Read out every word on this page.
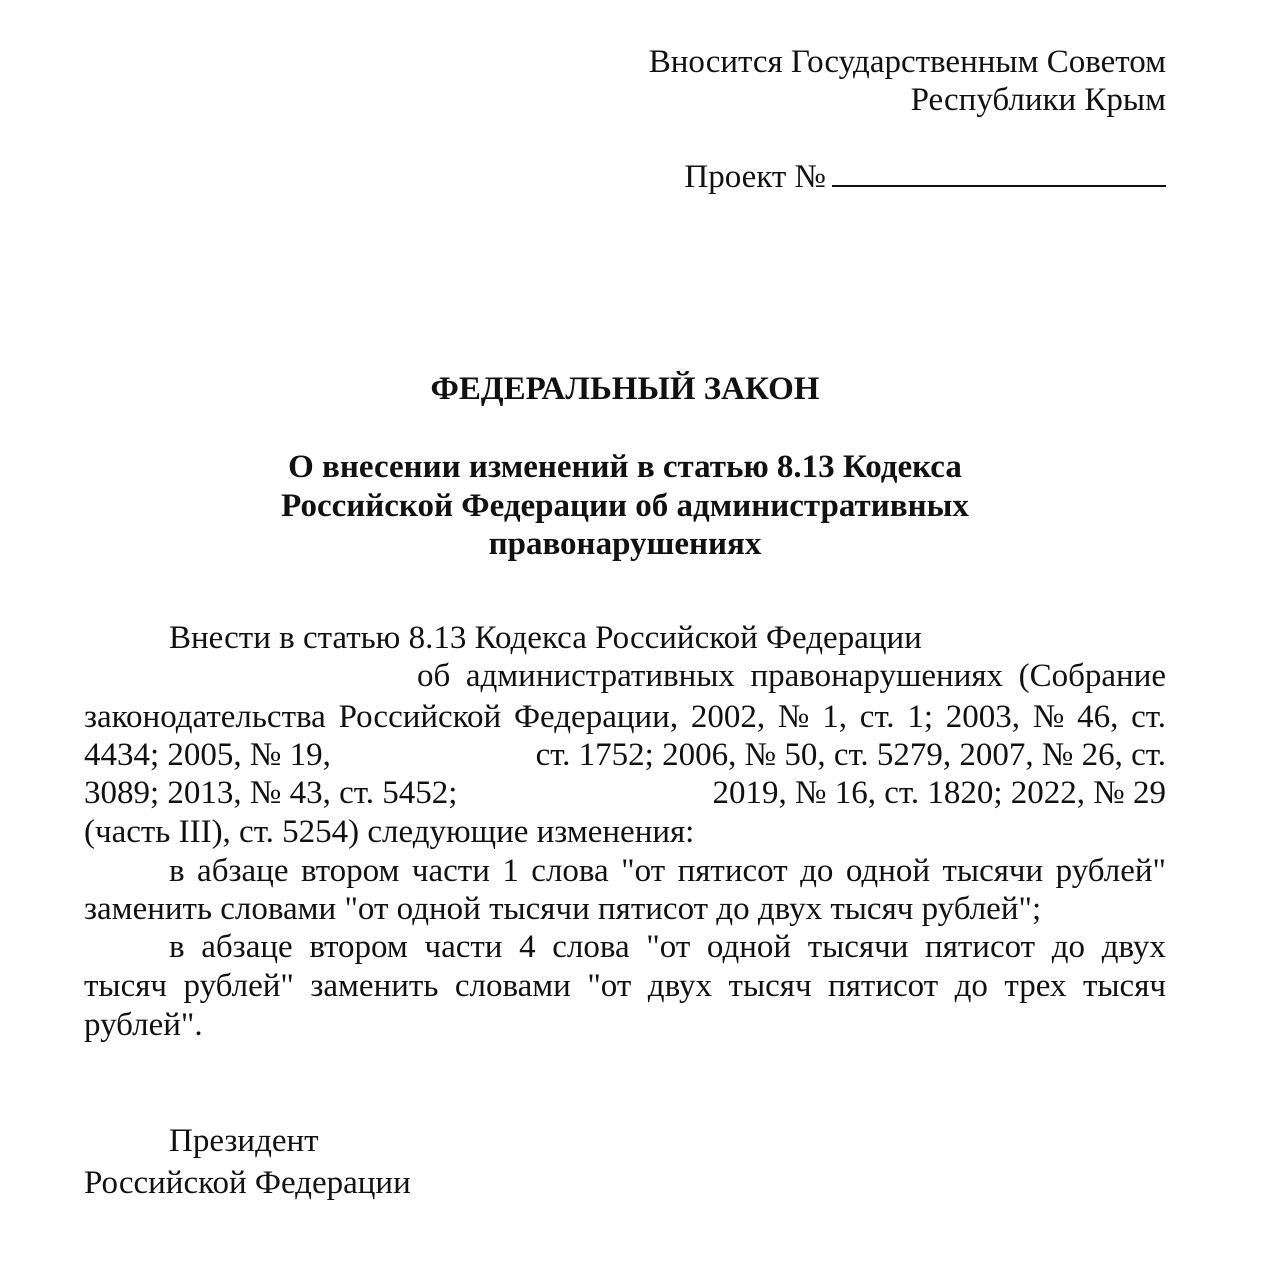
Вносится Государственным Советом
Республики Крым
Проект №
ФЕДЕРАЛЬНЫЙ ЗАКОН
О внесении изменений в статью 8.13 Кодекса
Российской Федерации об административных
правонарушениях
Внести в статью 8.13 Кодекса Российской Федерации
об административных правонарушениях (Собрание
законодательства Российской Федерации, 2002, № 1, ст. 1; 2003, № 46, ст.
4434; 2005, № 19,	ст. 1752; 2006, № 50, ст. 5279, 2007, № 26, ст.
3089; 2013, № 43, ст. 5452;	2019, № 16, ст. 1820; 2022, № 29
(часть III), ст. 5254) следующие изменения:
в абзаце втором части 1 слова "от пятисот до одной тысячи рублей"
заменить словами "от одной тысячи пятисот до двух тысяч рублей";
в абзаце втором части 4 слова "от одной тысячи пятисот до двух
тысяч рублей" заменить словами "от двух тысяч пятисот до трех тысяч
рублей".
Президент
Российской Федерации
